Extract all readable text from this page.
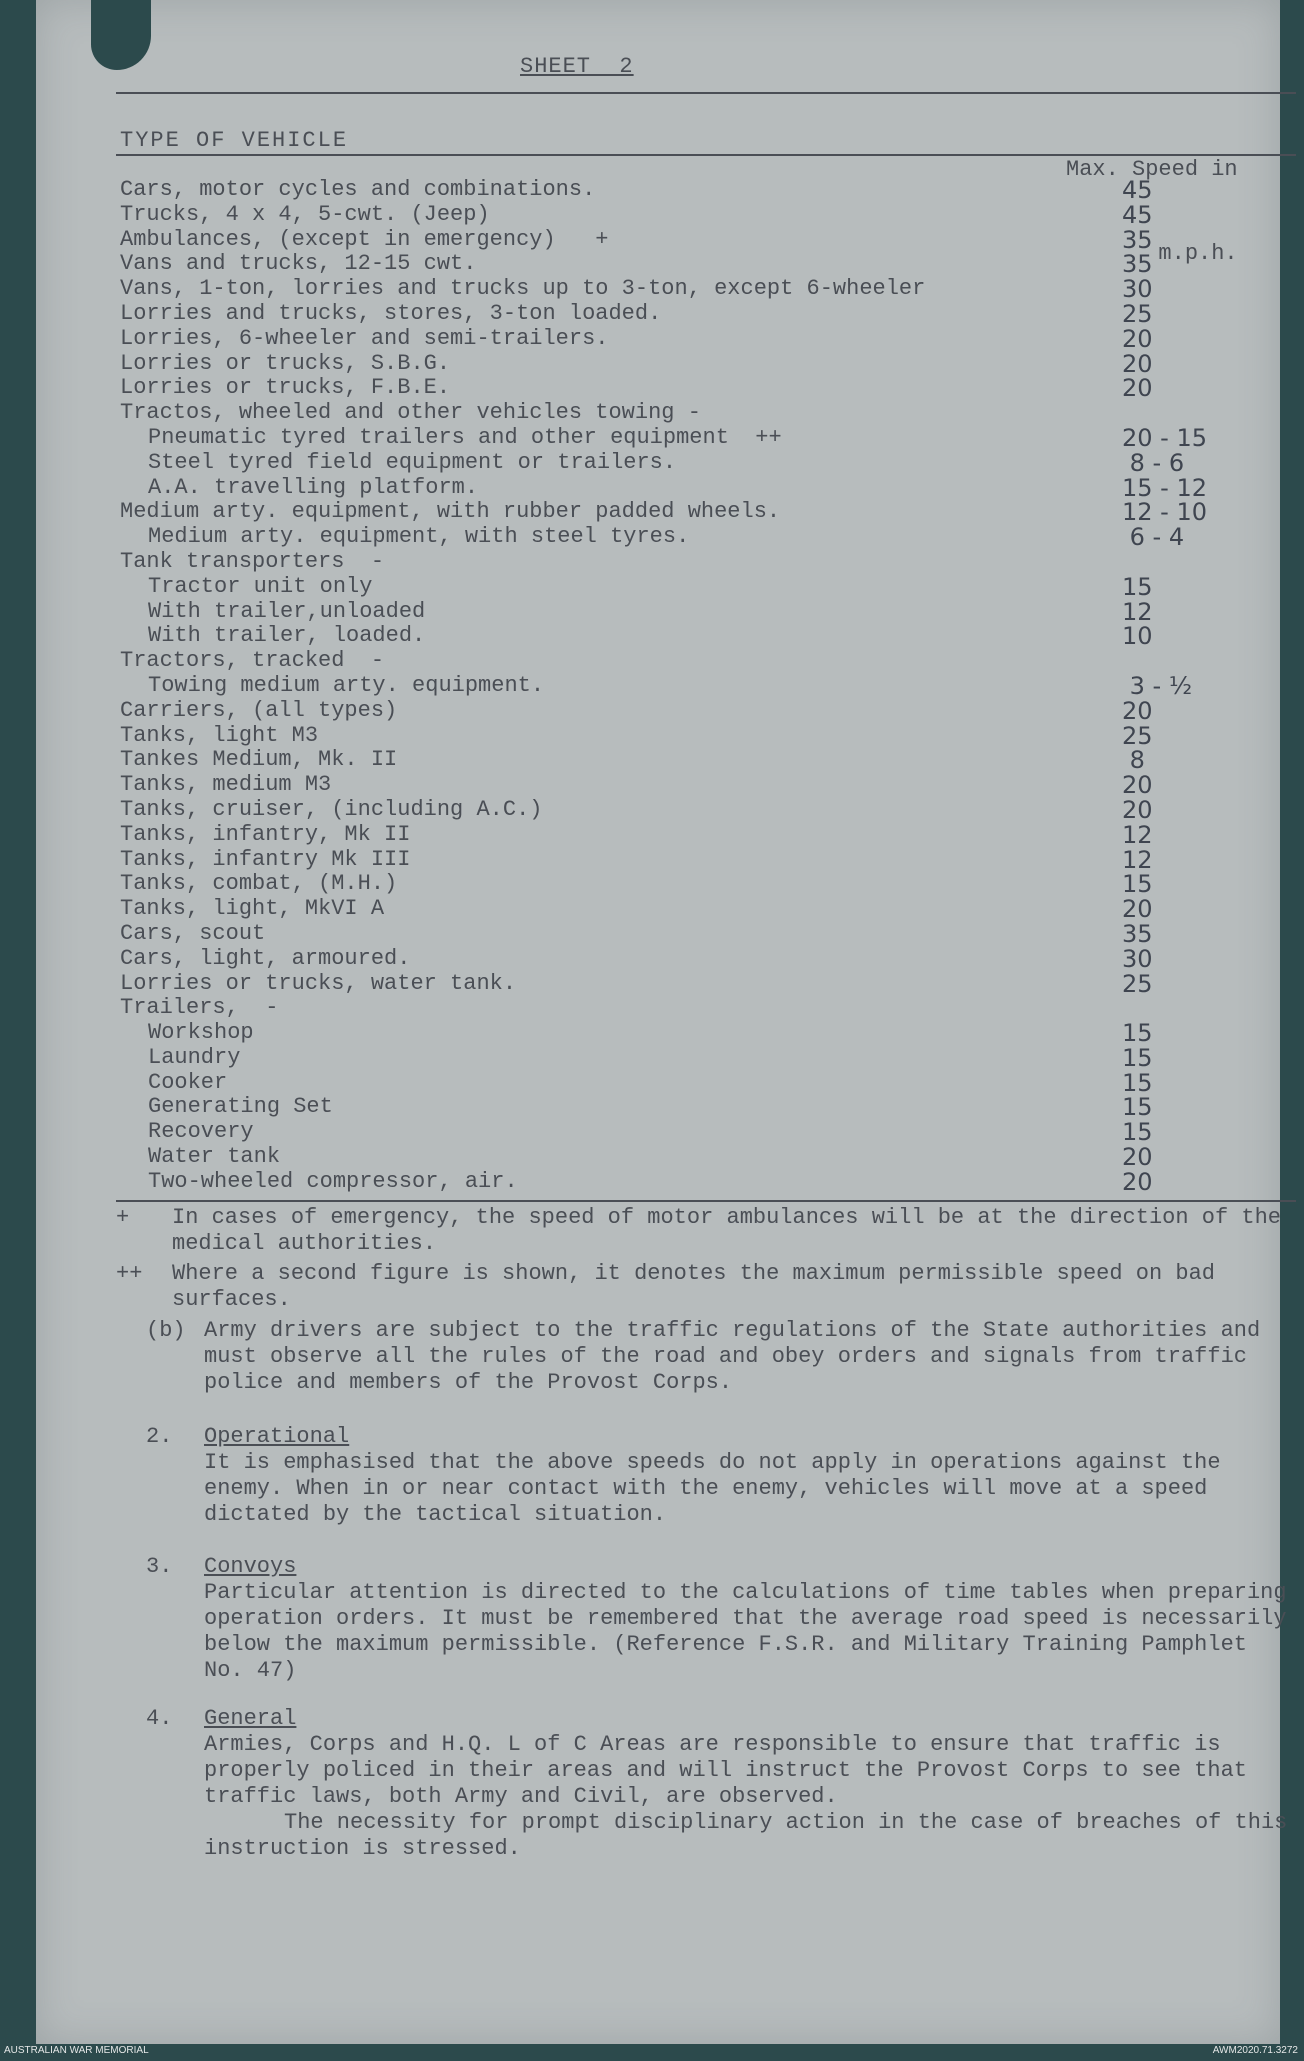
SHEET  2
TYPE OF VEHICLE

Max. Speed in

m.p.h.

Cars, motor cycles and combinations.	45
Trucks, 4 x 4, 5-cwt. (Jeep)	45
Ambulances, (except in emergency)   +	35
Vans and trucks, 12-15 cwt.	35
Vans, 1-ton, lorries and trucks up to 3-ton, except 6-wheeler	30
Lorries and trucks, stores, 3-ton loaded.	25
Lorries, 6-wheeler and semi-trailers.	20
Lorries or trucks, S.B.G.	20
Lorries or trucks, F.B.E.	20
Tractos, wheeled and other vehicles towing -
Pneumatic tyred trailers and other equipment  ++	20 - 15
Steel tyred field equipment or trailers.	8 - 6
A.A. travelling platform.	15 - 12
Medium arty. equipment, with rubber padded wheels.	12 - 10
Medium arty. equipment, with steel tyres.	6 - 4
Tank transporters  -
Tractor unit only	15
With trailer,unloaded	12
With trailer, loaded.	10
Tractors, tracked  -
Towing medium arty. equipment.	3 - ½
Carriers, (all types)	20
Tanks, light M3	25
Tankes Medium, Mk. II	8
Tanks, medium M3	20
Tanks, cruiser, (including A.C.)	20
Tanks, infantry, Mk II	12
Tanks, infantry Mk III	12
Tanks, combat, (M.H.)	15
Tanks, light, MkVI A	20
Cars, scout	35
Cars, light, armoured.	30
Lorries or trucks, water tank.	25
Trailers,  -
Workshop	15
Laundry	15
Cooker	15
Generating Set	15
Recovery	15
Water tank	20
Two-wheeled compressor, air.	20
+	In cases of emergency, the speed of motor ambulances will be at the direction of the medical authorities.
++	Where a second figure is shown, it denotes the maximum permissible speed on bad surfaces.
(b) Army drivers are subject to the traffic regulations of the State authorities and must observe all the rules of the road and obey orders and signals from traffic police and members of the Provost Corps.
2. Operational
It is emphasised that the above speeds do not apply in operations against the enemy. When in or near contact with the enemy, vehicles will move at a speed dictated by the tactical situation.
3. Convoys
Particular attention is directed to the calculations of time tables when preparing operation orders. It must be remembered that the average road speed is necessarily below the maximum permissible. (Reference F.S.R. and Military Training Pamphlet No. 47)
4. General
Armies, Corps and H.Q. L of C Areas are responsible to ensure that traffic is properly policed in their areas and will instruct the Provost Corps to see that traffic laws, both Army and Civil, are observed.
The necessity for prompt disciplinary action in the case of breaches of this instruction is stressed.
AUSTRALIAN WAR MEMORIAL	AWM2020.71.3272
